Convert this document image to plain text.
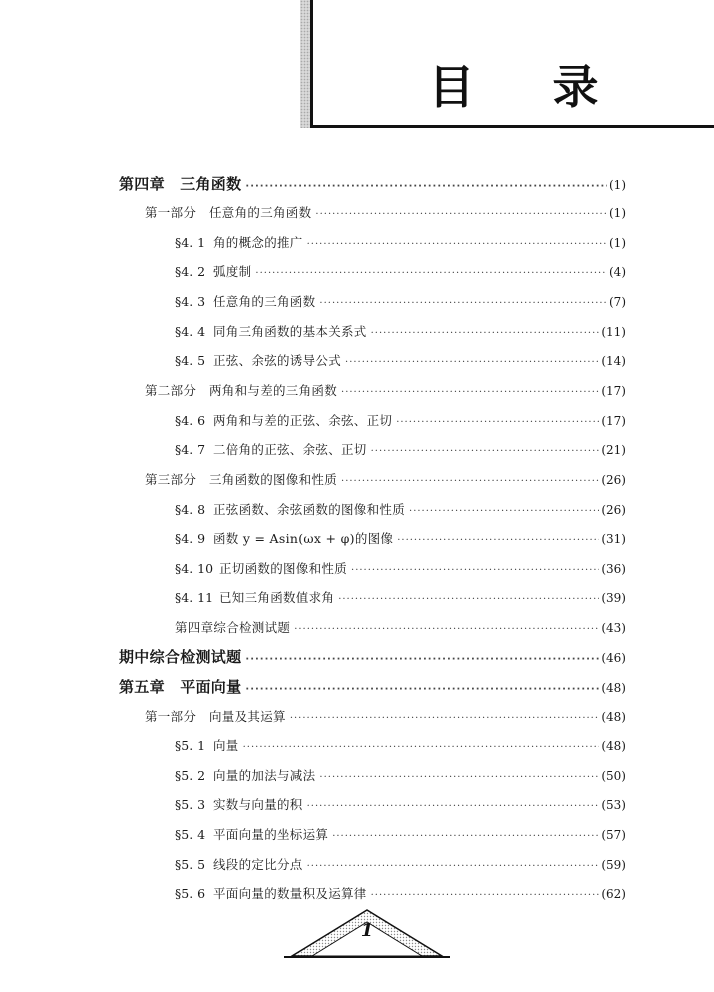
目 录
第四章　三角函数 ·····	(1)
第一部分　任意角的三角函数 ·····	(1)
§4. 1 角的概念的推广 ·····	(1)
§4. 2 弧度制 ·····	(4)
§4. 3 任意角的三角函数 ·····	(7)
§4. 4 同角三角函数的基本关系式 ·····	(11)
§4. 5 正弦、余弦的诱导公式 ·····	(14)
第二部分　两角和与差的三角函数 ·····	(17)
§4. 6 两角和与差的正弦、余弦、正切 ·····	(17)
§4. 7 二倍角的正弦、余弦、正切 ·····	(21)
第三部分　三角函数的图像和性质 ·····	(26)
§4. 8 正弦函数、余弦函数的图像和性质 ·····	(26)
§4. 9 函数 y = Asin(ωx + φ)的图像 ·····	(31)
§4. 10 正切函数的图像和性质 ·····	(36)
§4. 11 已知三角函数值求角 ·····	(39)
第四章综合检测试题 ·····	(43)
期中综合检测试题 ·····	(46)
第五章　平面向量 ·····	(48)
第一部分　向量及其运算 ·····	(48)
§5. 1 向量 ·····	(48)
§5. 2 向量的加法与减法 ·····	(50)
§5. 3 实数与向量的积 ·····	(53)
§5. 4 平面向量的坐标运算 ·····	(57)
§5. 5 线段的定比分点 ·····	(59)
§5. 6 平面向量的数量积及运算律 ·····	(62)
1
